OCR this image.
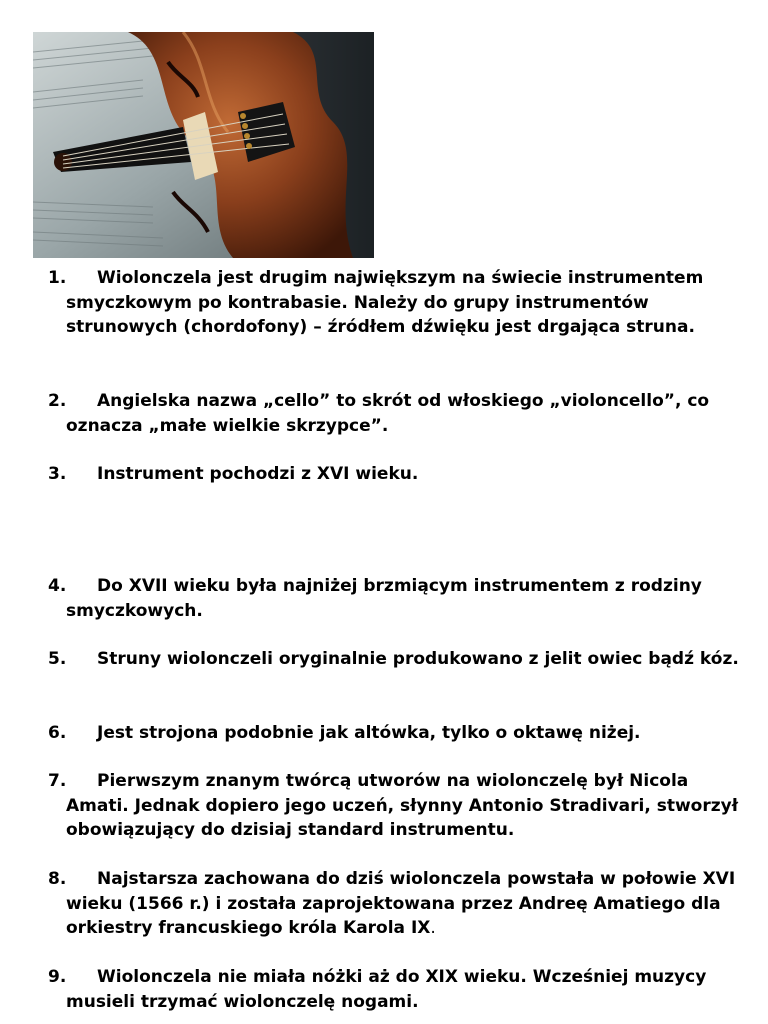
1. Wiolonczela jest drugim największym na świecie instrumentem smyczkowym po kontrabasie. Należy do grupy instrumentów strunowych (chordofony) – źródłem dźwięku jest drgająca struna.
2. Angielska nazwa „cello” to skrót od włoskiego „violoncello”, co oznacza „małe wielkie skrzypce”.
3. Instrument pochodzi z XVI wieku.
4. Do XVII wieku była najniżej brzmiącym instrumentem z rodziny smyczkowych.
5. Struny wiolonczeli oryginalnie produkowano z jelit owiec bądź kóz.
6. Jest strojona podobnie jak altówka, tylko o oktawę niżej.
7. Pierwszym znanym twórcą utworów na wiolonczelę był Nicola Amati. Jednak dopiero jego uczeń, słynny Antonio Stradivari, stworzył obowiązujący do dzisiaj standard instrumentu.
8. Najstarsza zachowana do dziś wiolonczela powstała w połowie XVI wieku (1566 r.) i została zaprojektowana przez Andreę Amatiego dla orkiestry francuskiego króla Karola IX.
9. Wiolonczela nie miała nóżki aż do XIX wieku. Wcześniej muzycy musieli trzymać wiolonczelę nogami.
